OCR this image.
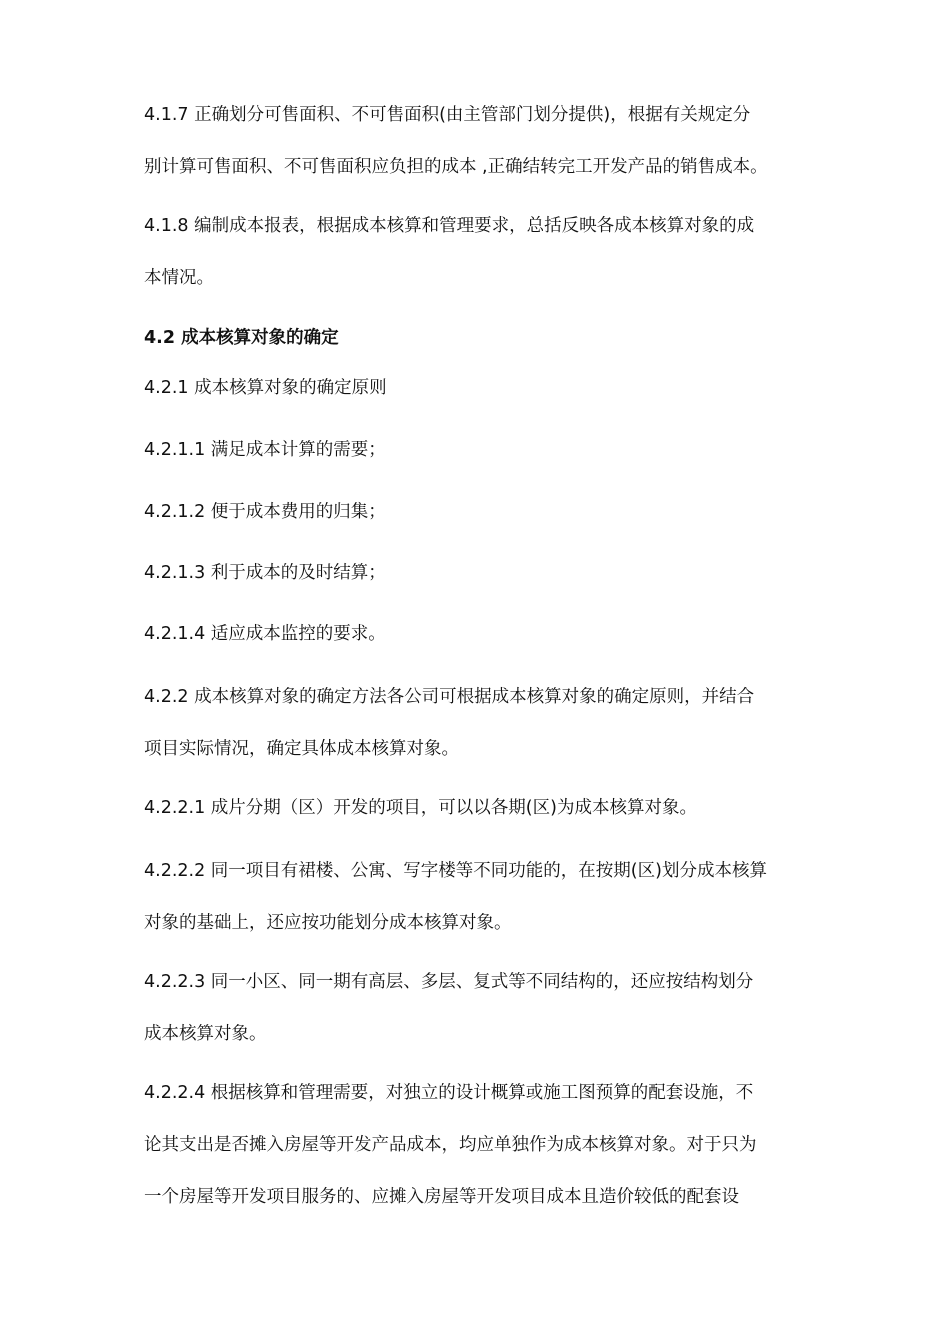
4.1.7 正确划分可售面积、不可售面积(由主管部门划分提供)，根据有关规定分
别计算可售面积、不可售面积应负担的成本 ,正确结转完工开发产品的销售成本。
4.1.8 编制成本报表，根据成本核算和管理要求，总括反映各成本核算对象的成
本情况。
4.2 成本核算对象的确定
4.2.1 成本核算对象的确定原则
4.2.1.1 满足成本计算的需要；
4.2.1.2 便于成本费用的归集；
4.2.1.3 利于成本的及时结算；
4.2.1.4 适应成本监控的要求。
4.2.2 成本核算对象的确定方法各公司可根据成本核算对象的确定原则，并结合
项目实际情况，确定具体成本核算对象。
4.2.2.1 成片分期（区）开发的项目，可以以各期(区)为成本核算对象。
4.2.2.2 同一项目有裙楼、公寓、写字楼等不同功能的，在按期(区)划分成本核算
对象的基础上，还应按功能划分成本核算对象。
4.2.2.3 同一小区、同一期有高层、多层、复式等不同结构的，还应按结构划分
成本核算对象。
4.2.2.4 根据核算和管理需要，对独立的设计概算或施工图预算的配套设施，不
论其支出是否摊入房屋等开发产品成本，均应单独作为成本核算对象。对于只为
一个房屋等开发项目服务的、应摊入房屋等开发项目成本且造价较低的配套设
